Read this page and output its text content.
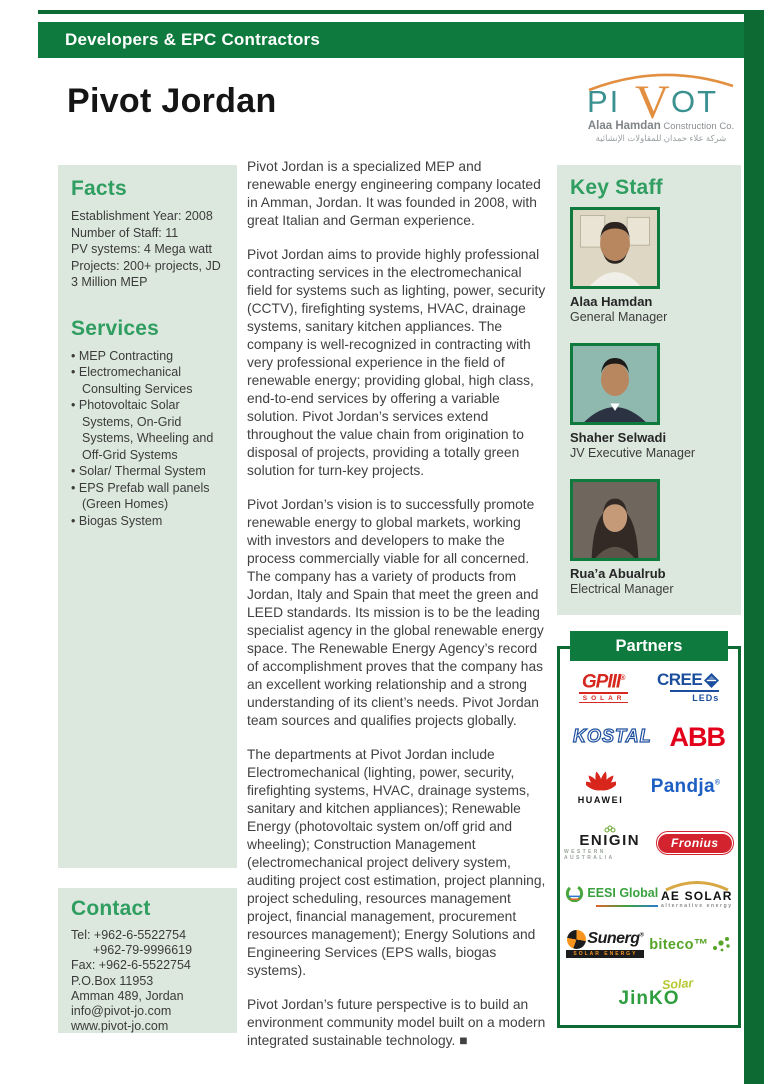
Developers & EPC Contractors
Pivot Jordan	PI V OT
Alaa Hamdan Construction Co.
شركة علاء حمدان للمقاولات الإنشائية
Facts
Establishment Year: 2008
Number of Staff: 11
PV systems: 4 Mega watt
Projects: 200+ projects, JD 3 Million MEP
Services
• MEP Contracting
• Electromechanical Consulting Services
• Photovoltaic Solar Systems, On-Grid Systems, Wheeling and Off-Grid Systems
• Solar/ Thermal System
• EPS Prefab wall panels (Green Homes)
• Biogas System

Pivot Jordan is a specialized MEP and renewable energy engineering company located in Amman, Jordan. It was founded in 2008, with great Italian and German experience.

Pivot Jordan aims to provide highly professional contracting services in the electromechanical field for systems such as lighting, power, security (CCTV), firefighting systems, HVAC, drainage systems, sanitary kitchen appliances. The company is well-recognized in contracting with very professional experience in the field of renewable energy; providing global, high class, end-to-end services by offering a variable solution. Pivot Jordan’s services extend throughout the value chain from origination to disposal of projects, providing a totally green solution for turn-key projects.

Pivot Jordan’s vision is to successfully promote renewable energy to global markets, working with investors and developers to make the process commercially viable for all concerned. The company has a variety of products from Jordan, Italy and Spain that meet the green and LEED standards. Its mission is to be the leading specialist agency in the global renewable energy space. The Renewable Energy Agency’s record of accomplishment proves that the company has an excellent working relationship and a strong understanding of its client’s needs. Pivot Jordan team sources and qualifies projects globally.

The departments at Pivot Jordan include Electromechanical (lighting, power, security, firefighting systems, HVAC, drainage systems, sanitary and kitchen appliances); Renewable Energy (photovoltaic system on/off grid and wheeling); Construction Management (electromechanical project delivery system, auditing project cost estimation, project planning, project scheduling, resources management project, financial management, procurement resources management); Energy Solutions and Engineering Services (EPS walls, biogas systems).

Pivot Jordan’s future perspective is to build an environment community model built on a modern integrated sustainable technology. ■

Key Staff
Alaa Hamdan
General Manager
Shaher Selwadi
JV Executive Manager
Rua’a Abualrub
Electrical Manager
Partners
GPIII®
SOLAR
CREE
LEDs
KOSTAL ABB
HUAWEI
Pandja®
ENIGIN
WESTERN AUSTRALIA
Fronius
EESI Global AE SOLAR
alternative energy
Sunerg®
SOLAR ENERGY
biteco™
Solar
JinKO
Contact
Tel: +962-6-5522754
+962-79-9996619
Fax: +962-6-5522754
P.O.Box 11953
Amman 489, Jordan
info@pivot-jo.com
www.pivot-jo.com
